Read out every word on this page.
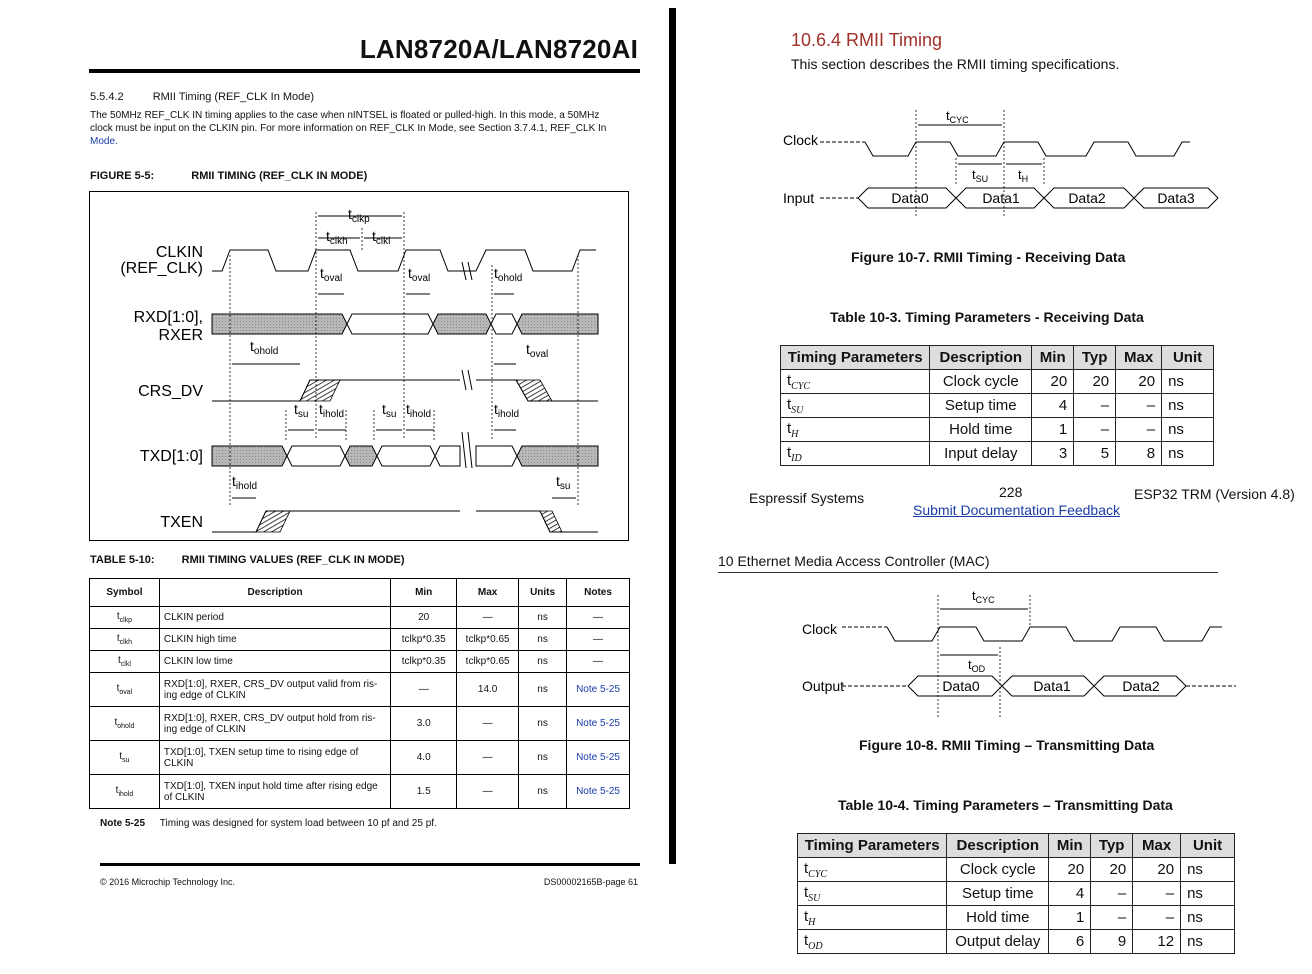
LAN8720A/LAN8720AI
5.5.4.2	RMII Timing (REF_CLK In Mode)
The 50MHz REF_CLK IN timing applies to the case when nINTSEL is floated or pulled-high. In this mode, a 50MHz
clock must be input on the CLKIN pin. For more information on REF_CLK In Mode, see Section 3.7.4.1, REF_CLK In
Mode.
FIGURE 5-5:	RMII TIMING (REF_CLK IN MODE)
CLKIN
(REF_CLK)
RXD[1:0],
RXER
CRS_DV
TXD[1:0]
TXEN
$t_{clkp}$
$t_{clkh}$ $t_{clkl}$
$t_{oval}$	$t_{oval}$	$t_{ohold}$
$t_{ohold}$	$t_{oval}$
$t_{su}$ $t_{ihold}$	$t_{su}$ $t_{ihold}$	$t_{ihold}$
$t_{ihold}$	$t_{su}$
TABLE 5-10: RMII TIMING VALUES (REF_CLK IN MODE)
Symbol	Description	Min	Max	Units	Notes
$t_{clkp}$	CLKIN period	20	—	ns	—
$t_{clkh}$	CLKIN high time	tclkp*0.35	tclkp*0.65	ns	—
$t_{clkl}$	CLKIN low time	tclkp*0.35	tclkp*0.65	ns	—
$t_{oval}$	RXD[1:0], RXER, CRS_DV output valid from ris-
ing edge of CLKIN	—	14.0	ns	Note 5-25
$t_{ohold}$	RXD[1:0], RXER, CRS_DV output hold from ris-
ing edge of CLKIN	3.0	—	ns	Note 5-25
$t_{su}$	TXD[1:0], TXEN setup time to rising edge of
CLKIN	4.0	—	ns	Note 5-25
$t_{ihold}$	TXD[1:0], TXEN input hold time after rising edge
of CLKIN	1.5	—	ns	Note 5-25
Note 5-25 Timing was designed for system load between 10 pf and 25 pf.
© 2016 Microchip Technology Inc.	DS00002165B-page 61
10.6.4 RMII Timing
This section describes the RMII timing specifications.
Clock
Input	Data0	Data1	Data2	Data3
$t_{CYC}$
$t_{SU}$ $t_H$
Figure 10-7. RMII Timing - Receiving Data
Table 10-3. Timing Parameters - Receiving Data
Timing Parameters	Description	Min	Typ	Max	Unit
$t_{CYC}$	Clock cycle	20	20	20	ns
$t_{SU}$	Setup time	4	–	–	ns
$t_H$	Hold time	1	–	–	ns
$t_{ID}$	Input delay	3	5	8	ns
Espressif Systems	228
Submit Documentation Feedback
ESP32 TRM (Version 4.8)
10 Ethernet Media Access Controller (MAC)
Clock
Output	Data0	Data1	Data2
$t_{CYC}$
$t_{OD}$
Figure 10-8. RMII Timing – Transmitting Data
Table 10-4. Timing Parameters – Transmitting Data
Timing Parameters	Description	Min	Typ	Max	Unit
$t_{CYC}$	Clock cycle	20	20	20	ns
$t_{SU}$	Setup time	4	–	–	ns
$t_H$	Hold time	1	–	–	ns
$t_{OD}$	Output delay	6	9	12	ns
